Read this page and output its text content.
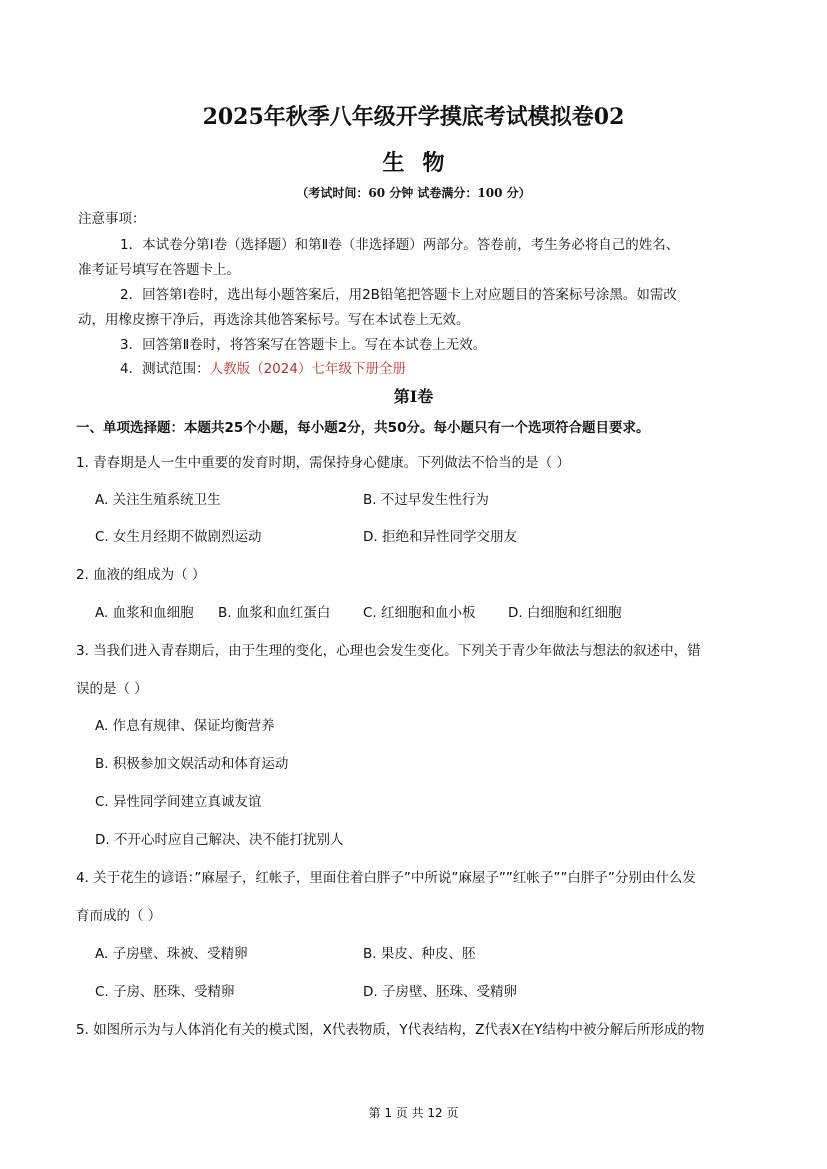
2025年秋季八年级开学摸底考试模拟卷02
生物
（考试时间：60 分钟 试卷满分：100 分）
注意事项：
1．本试卷分第Ⅰ卷（选择题）和第Ⅱ卷（非选择题）两部分。答卷前，考生务必将自己的姓名、
准考证号填写在答题卡上。
2．回答第Ⅰ卷时，选出每小题答案后，用2B铅笔把答题卡上对应题目的答案标号涂黑。如需改
动，用橡皮擦干净后，再选涂其他答案标号。写在本试卷上无效。
3．回答第Ⅱ卷时，将答案写在答题卡上。写在本试卷上无效。
4．测试范围：人教版（2024）七年级下册全册
第Ⅰ卷
一、单项选择题：本题共25个小题，每小题2分，共50分。每小题只有一个选项符合题目要求。
1. 青春期是人一生中重要的发育时期，需保持身心健康。下列做法不恰当的是（ ）
A. 关注生殖系统卫生	B. 不过早发生性行为
C. 女生月经期不做剧烈运动	D. 拒绝和异性同学交朋友
2. 血液的组成为（ ）
A. 血浆和血细胞 B. 血浆和血红蛋白 C. 红细胞和血小板 D. 白细胞和红细胞
3. 当我们进入青春期后，由于生理的变化，心理也会发生变化。下列关于青少年做法与想法的叙述中，错
误的是（ ）
A. 作息有规律、保证均衡营养
B. 积极参加文娱活动和体育运动
C. 异性同学间建立真诚友谊
D. 不开心时应自己解决、决不能打扰别人
4. 关于花生的谚语：”麻屋子，红帐子，里面住着白胖子”中所说”麻屋子””红帐子””白胖子”分别由什么发
育而成的（ ）
A. 子房壁、珠被、受精卵	B. 果皮、种皮、胚
C. 子房、胚珠、受精卵	D. 子房壁、胚珠、受精卵
5. 如图所示为与人体消化有关的模式图，X代表物质，Y代表结构，Z代表X在Y结构中被分解后所形成的物
第 1 页 共 12 页
